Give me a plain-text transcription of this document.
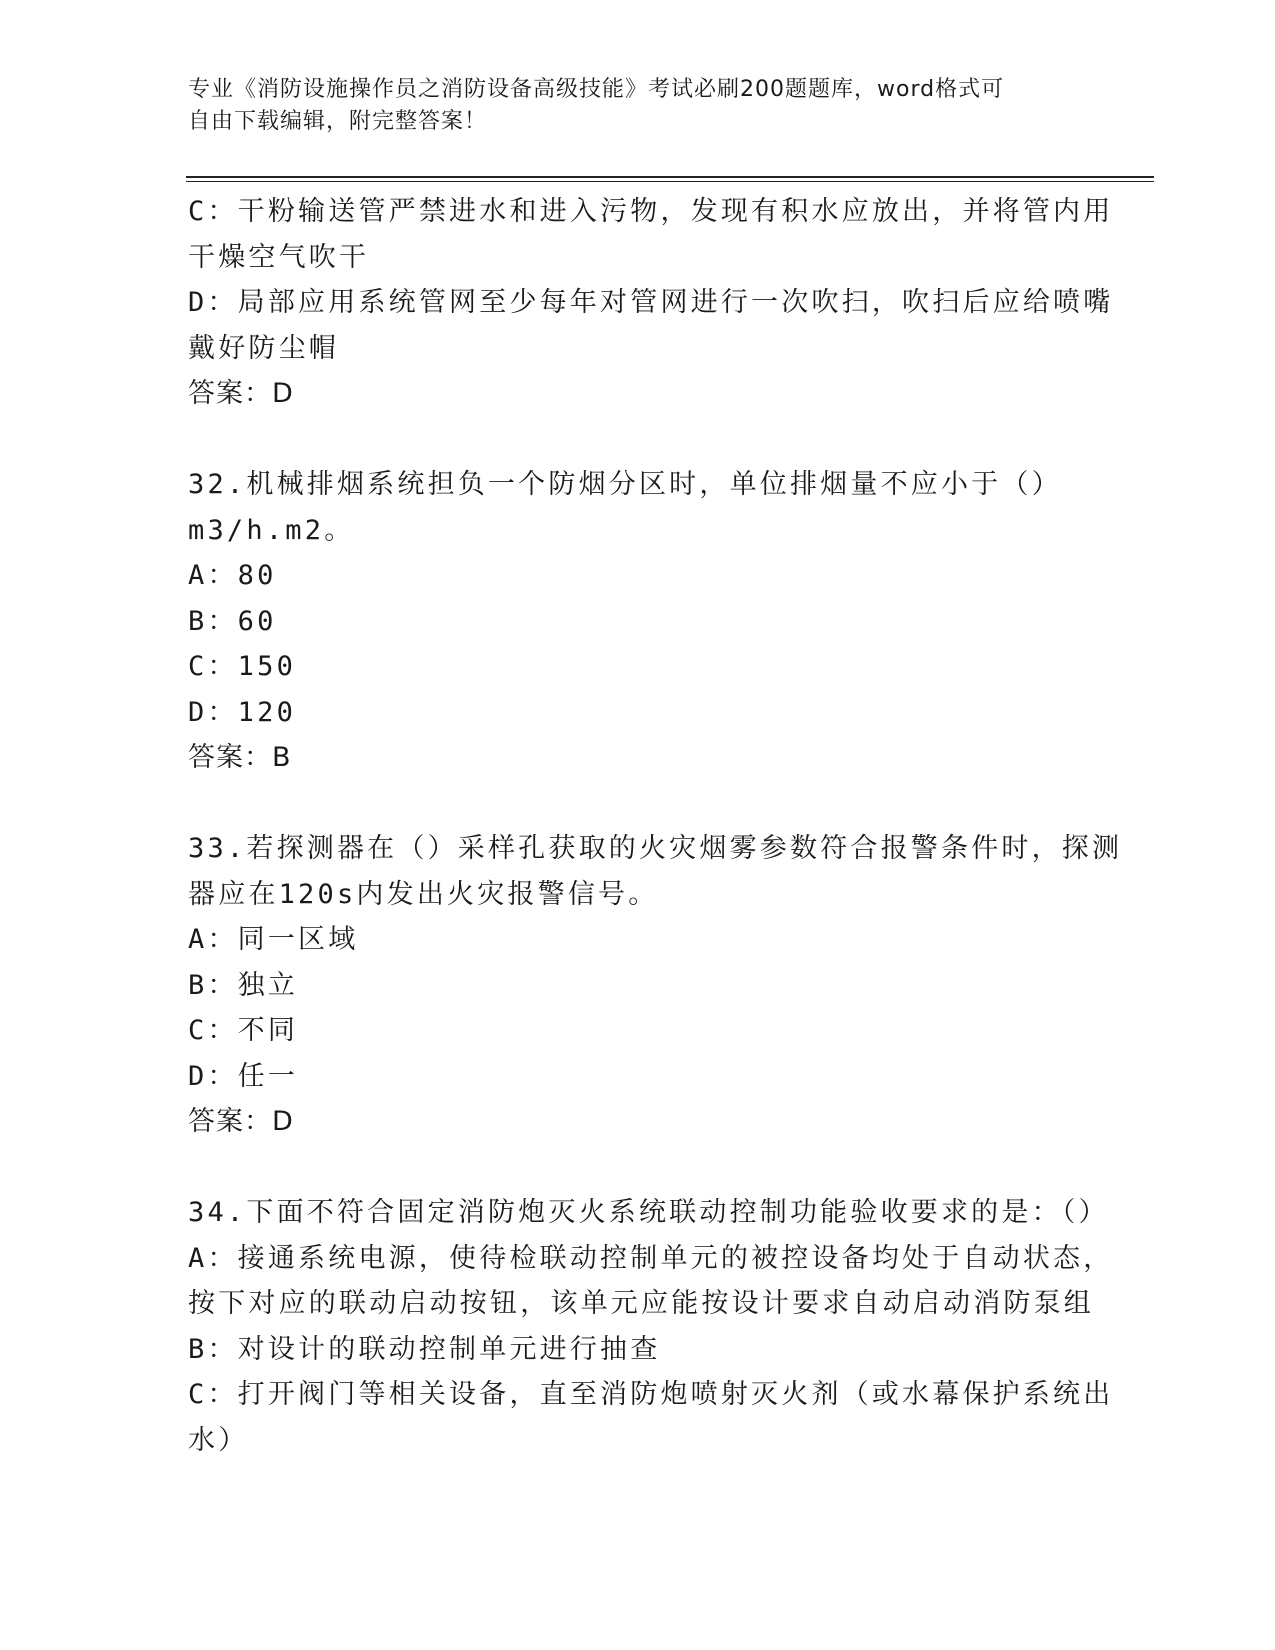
专业《消防设施操作员之消防设备高级技能》考试必刷200题题库，word格式可
自由下载编辑，附完整答案！
C：干粉输送管严禁进水和进入污物，发现有积水应放出，并将管内用
干燥空气吹干
D：局部应用系统管网至少每年对管网进行一次吹扫，吹扫后应给喷嘴
戴好防尘帽
答案：D
32.机械排烟系统担负一个防烟分区时，单位排烟量不应小于（）
m3/h.m2。
A：80
B：60
C：150
D：120
答案：B
33.若探测器在（）采样孔获取的火灾烟雾参数符合报警条件时，探测
器应在120s内发出火灾报警信号。
A：同一区域
B：独立
C：不同
D：任一
答案：D
34.下面不符合固定消防炮灭火系统联动控制功能验收要求的是：（）
A：接通系统电源，使待检联动控制单元的被控设备均处于自动状态，
按下对应的联动启动按钮，该单元应能按设计要求自动启动消防泵组
B：对设计的联动控制单元进行抽查
C：打开阀门等相关设备，直至消防炮喷射灭火剂（或水幕保护系统出
水）
